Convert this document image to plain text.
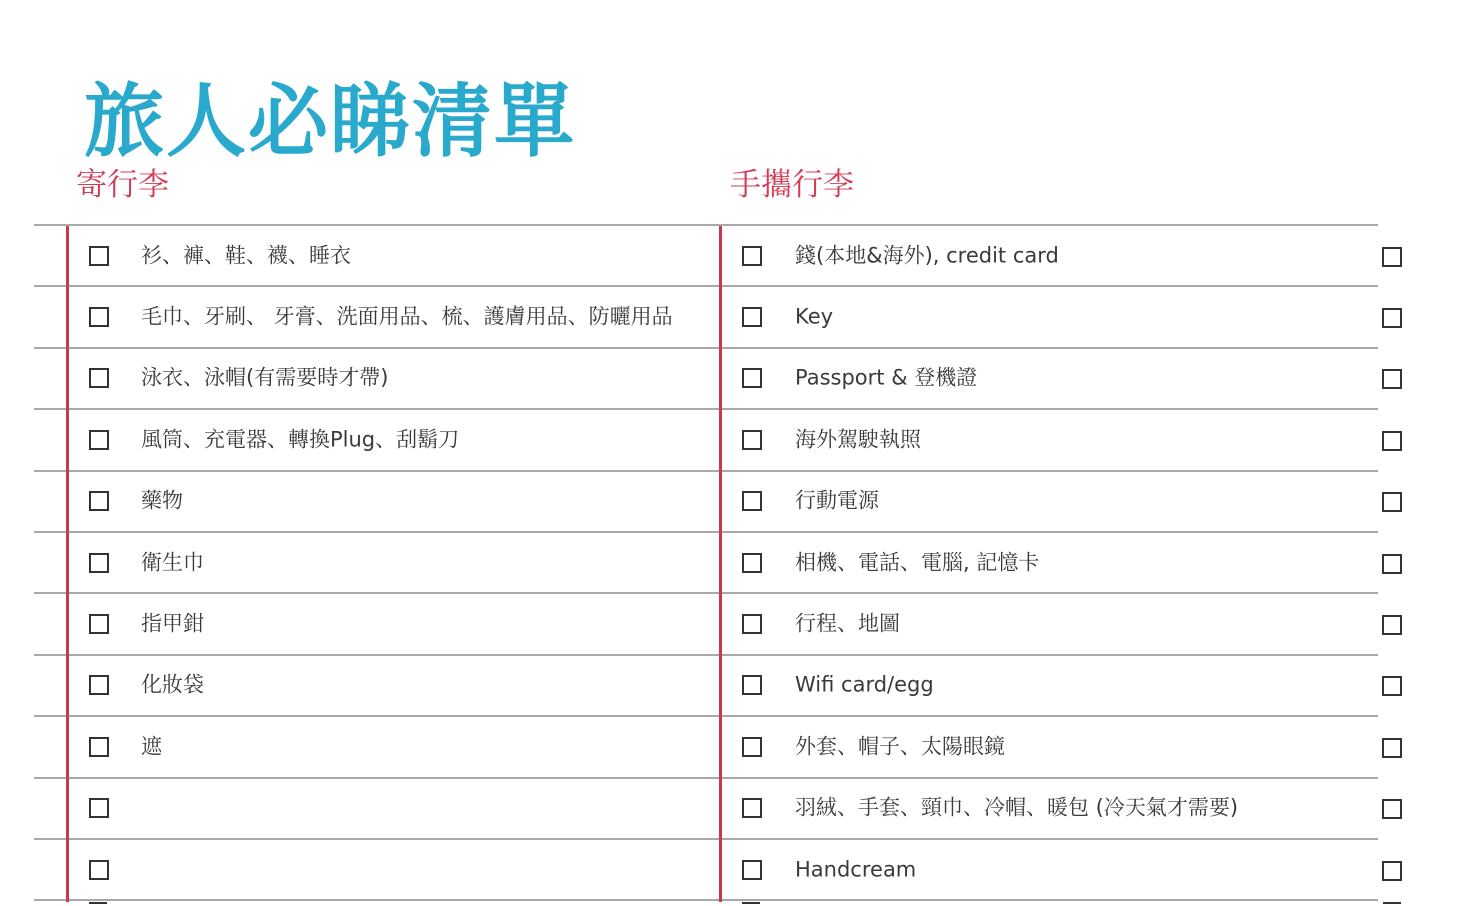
旅人必睇清單
寄行李	手攜行李
衫、褲、鞋、襪、睡衣
毛巾、牙刷、 牙膏、洗面用品、梳、護膚用品、防曬用品
泳衣、泳帽(有需要時才帶)
風筒、充電器、轉換Plug、刮鬍刀
藥物
衛生巾
指甲鉗
化妝袋
遮
錢(本地&海外), credit card
Key
Passport & 登機證
海外駕駛執照
行動電源
相機、電話、電腦, 記憶卡
行程、地圖
Wifi card/egg
外套、帽子、太陽眼鏡
羽絨、手套、頸巾、冷帽、暖包 (冷天氣才需要)
Handcream
